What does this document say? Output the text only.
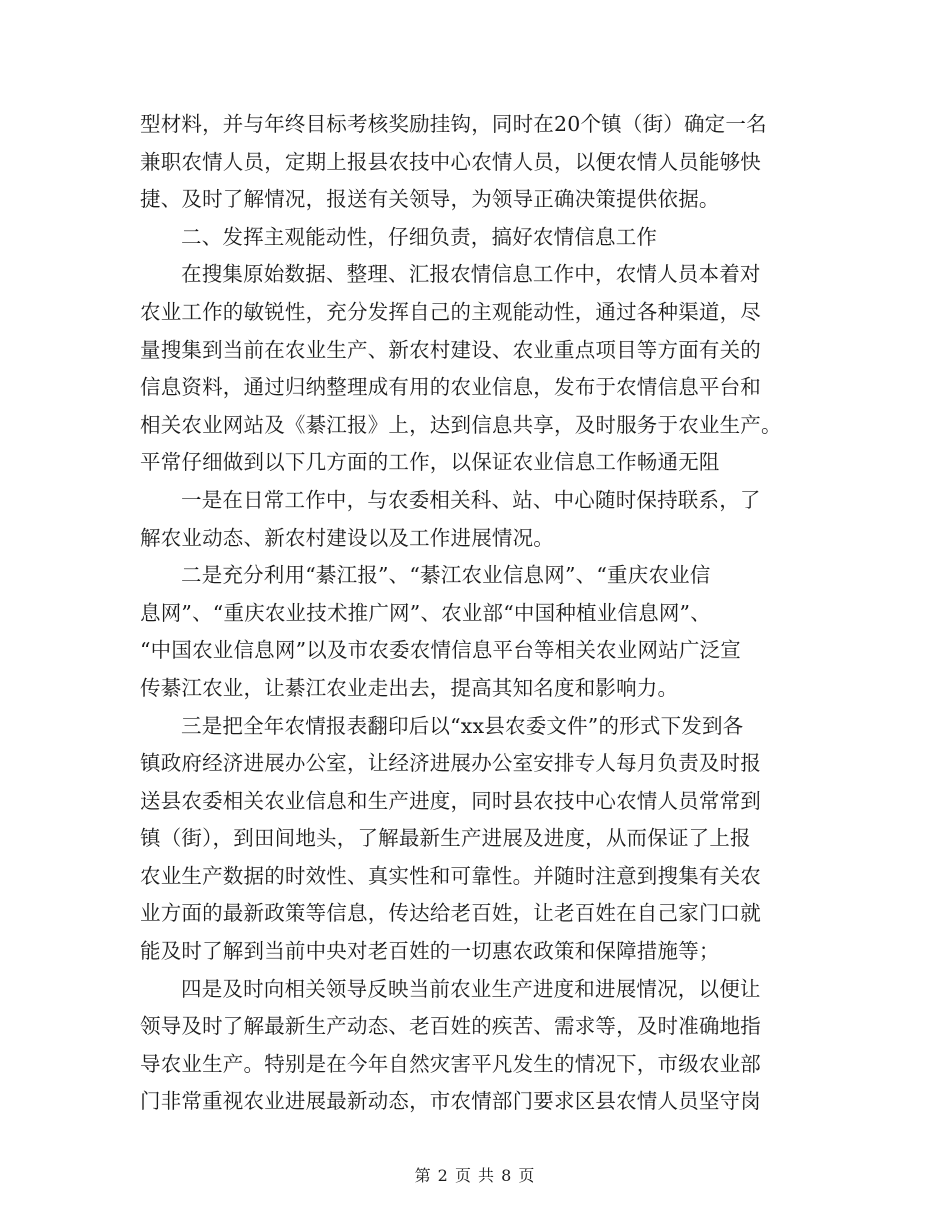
型材料，并与年终目标考核奖励挂钩，同时在20个镇（街）确定一名
兼职农情人员，定期上报县农技中心农情人员，以便农情人员能够快
捷、及时了解情况，报送有关领导，为领导正确决策提供依据。
二、发挥主观能动性，仔细负责，搞好农情信息工作
在搜集原始数据、整理、汇报农情信息工作中，农情人员本着对
农业工作的敏锐性，充分发挥自己的主观能动性，通过各种渠道，尽
量搜集到当前在农业生产、新农村建设、农业重点项目等方面有关的
信息资料，通过归纳整理成有用的农业信息，发布于农情信息平台和
相关农业网站及《綦江报》上，达到信息共享，及时服务于农业生产。
平常仔细做到以下几方面的工作，以保证农业信息工作畅通无阻
一是在日常工作中，与农委相关科、站、中心随时保持联系，了
解农业动态、新农村建设以及工作进展情况。
二是充分利用“綦江报”、“綦江农业信息网”、“重庆农业信
息网”、“重庆农业技术推广网”、农业部“中国种植业信息网”、
“中国农业信息网”以及市农委农情信息平台等相关农业网站广泛宣
传綦江农业，让綦江农业走出去，提高其知名度和影响力。
三是把全年农情报表翻印后以“xx县农委文件”的形式下发到各
镇政府经济进展办公室，让经济进展办公室安排专人每月负责及时报
送县农委相关农业信息和生产进度，同时县农技中心农情人员常常到
镇（街），到田间地头，了解最新生产进展及进度，从而保证了上报
农业生产数据的时效性、真实性和可靠性。并随时注意到搜集有关农
业方面的最新政策等信息，传达给老百姓，让老百姓在自己家门口就
能及时了解到当前中央对老百姓的一切惠农政策和保障措施等；
四是及时向相关领导反映当前农业生产进度和进展情况，以便让
领导及时了解最新生产动态、老百姓的疾苦、需求等，及时准确地指
导农业生产。特别是在今年自然灾害平凡发生的情况下，市级农业部
门非常重视农业进展最新动态，市农情部门要求区县农情人员坚守岗
第 2 页 共 8 页
